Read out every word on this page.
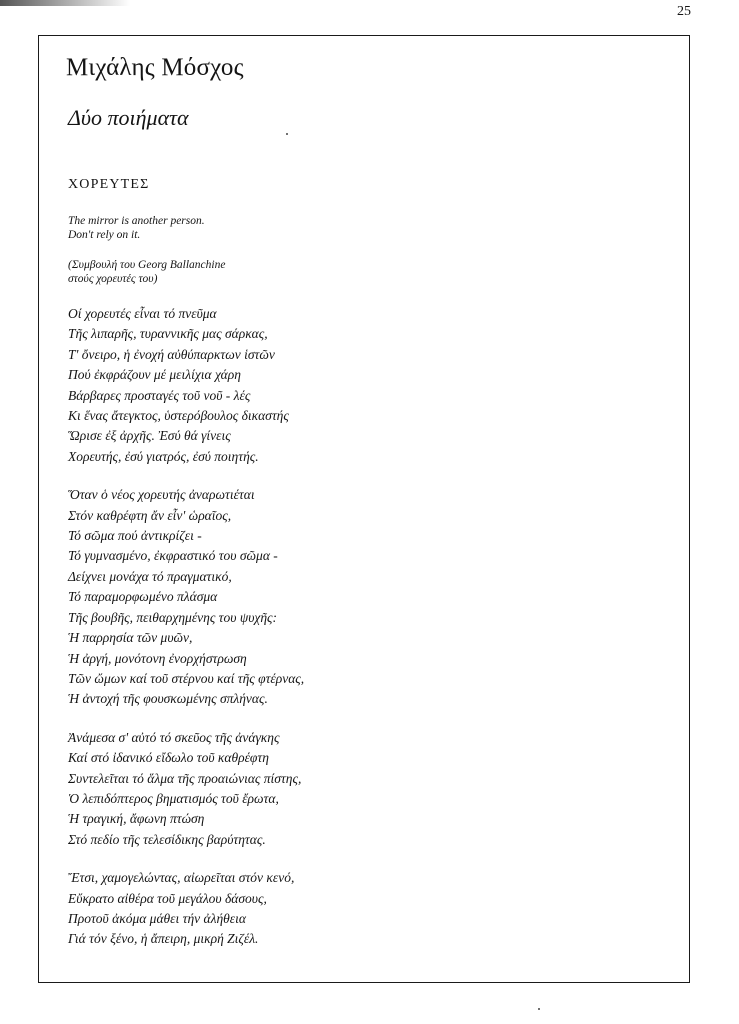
25
Μιχάλης Μόσχος
Δύο ποιήματα
ΧΟΡΕΥΤΕΣ
The mirror is another person.
Don't rely on it.
(Συμβουλή του Georg Ballanchine
στούς χορευτές του)
Οί χορευτές εἶναι τό πνεῦμα
Τῆς λιπαρῆς, τυραννικῆς μας σάρκας,
Τ' ὄνειρο, ἡ ἐνοχή αὐθύπαρκτων ἱστῶν
Πού ἐκφράζουν μέ μειλίχια χάρη
Βάρβαρες προσταγές τοῦ νοῦ - λές
Κι ἕνας ἄτεγκτος, ὑστερόβουλος δικαστής
Ὥρισε ἐξ ἀρχῆς. Ἐσύ θά γίνεις
Χορευτής, ἐσύ γιατρός, ἐσύ ποιητής.
Ὅταν ὁ νέος χορευτής ἀναρωτιέται
Στόν καθρέφτη ἄν εἶν' ὡραῖος,
Τό σῶμα πού ἀντικρίζει -
Τό γυμνασμένο, ἐκφραστικό του σῶμα -
Δείχνει μονάχα τό πραγματικό,
Τό παραμορφωμένο πλάσμα
Τῆς βουβῆς, πειθαρχημένης του ψυχῆς:
Ἡ παρρησία τῶν μυῶν,
Ἡ ἀργή, μονότονη ἐνορχήστρωση
Τῶν ὤμων καί τοῦ στέρνου καί τῆς φτέρνας,
Ἡ ἀντοχή τῆς φουσκωμένης σπλήνας.
Ἀνάμεσα σ' αὐτό τό σκεῦος τῆς ἀνάγκης
Καί στό ἰδανικό εἴδωλο τοῦ καθρέφτη
Συντελεῖται τό ἅλμα τῆς προαιώνιας πίστης,
Ὁ λεπιδόπτερος βηματισμός τοῦ ἔρωτα,
Ἡ τραγική, ἄφωνη πτώση
Στό πεδίο τῆς τελεσίδικης βαρύτητας.
Ἔτσι, χαμογελώντας, αἰωρεῖται στόν κενό,
Εὔκρατο αἰθέρα τοῦ μεγάλου δάσους,
Προτοῦ ἀκόμα μάθει τήν ἀλήθεια
Γιά τόν ξένο, ἡ ἄπειρη, μικρή Ζιζέλ.
